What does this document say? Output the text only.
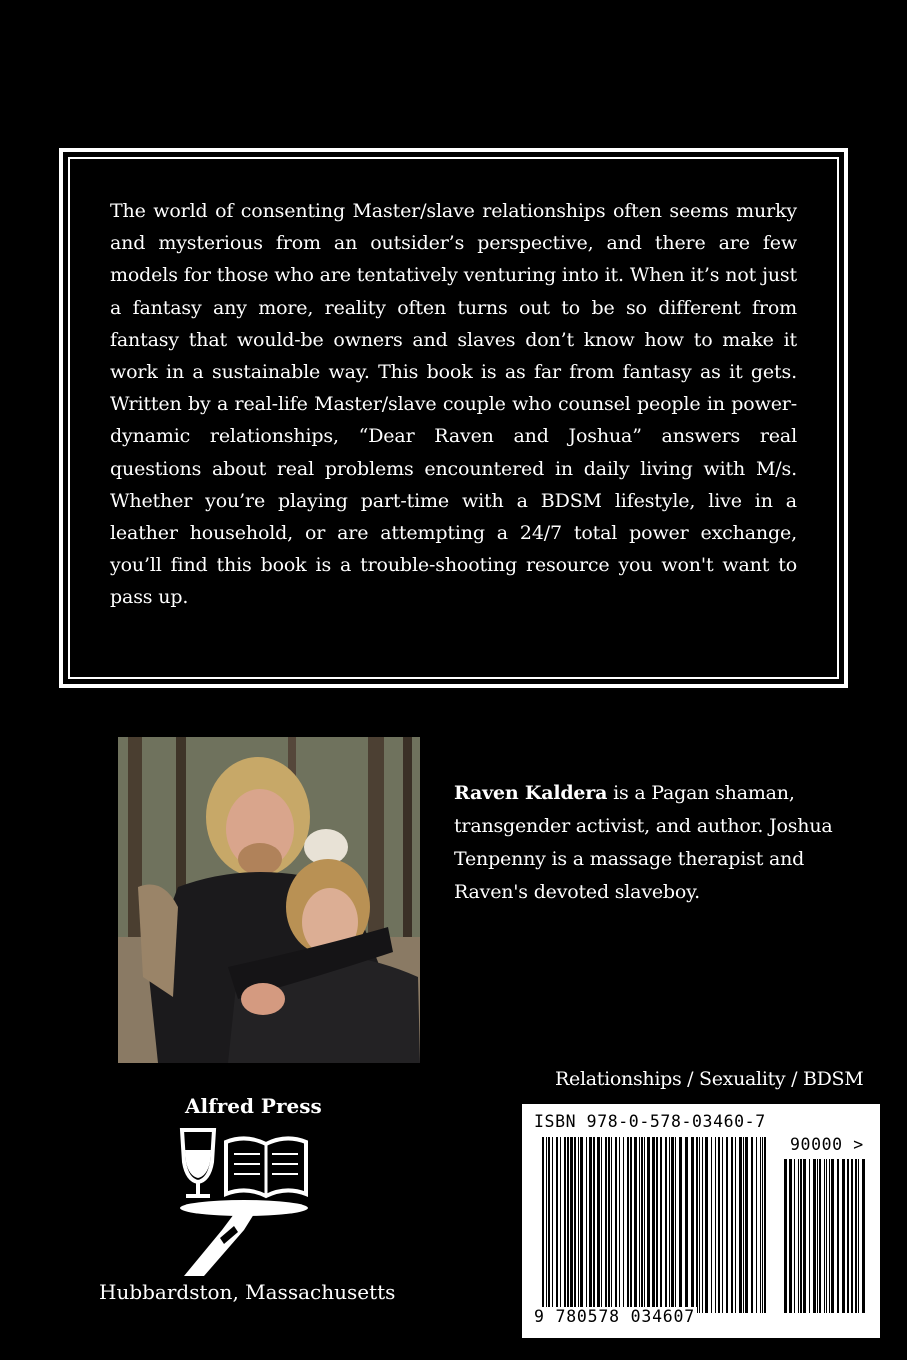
The world of consenting Master/slave relationships often seems murky and mysterious from an outsider’s perspective, and there are few models for those who are tentatively venturing into it. When it’s not just a fantasy any more, reality often turns out to be so different from fantasy that would-be owners and slaves don’t know how to make it work in a sustainable way. This book is as far from fantasy as it gets. Written by a real-life Master/slave couple who counsel people in power-dynamic relationships, “Dear Raven and Joshua” answers real questions about real problems encountered in daily living with M/s. Whether you’re playing part-time with a BDSM lifestyle, live in a leather household, or are attempting a 24/7 total power exchange, you’ll find this book is a trouble-shooting resource you won't want to pass up.

Raven Kaldera is a Pagan shaman, transgender activist, and author. Joshua Tenpenny is a massage therapist and Raven's devoted slaveboy.
Alfred Press
Hubbardston, Massachusetts
Relationships / Sexuality / BDSM
ISBN 978-0-578-03460-7
90000 >
9 780578 034607
